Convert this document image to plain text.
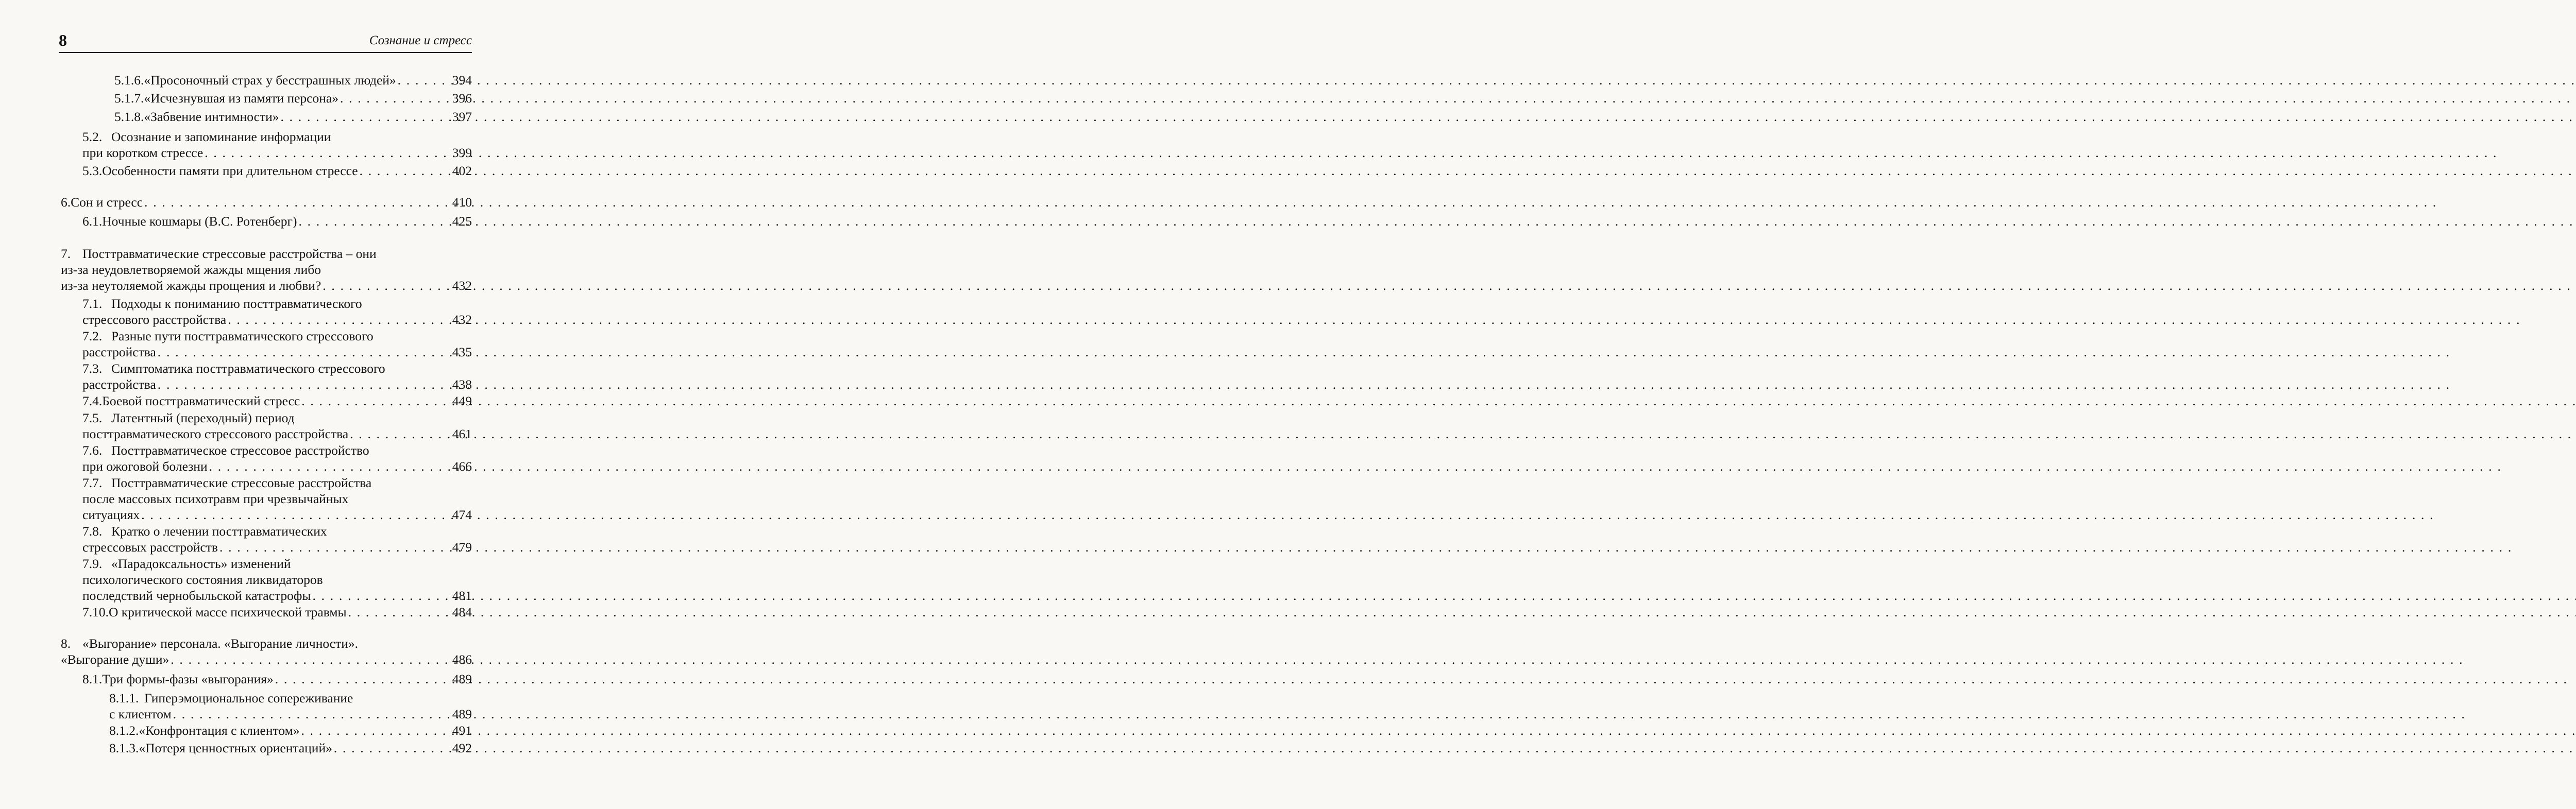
8	Сознание и стресс
5.1.6. «Просоночный страх у бесстрашных людей» . . .	394
5.1.7. «Исчезнувшая из памяти персона» . . .	396
5.1.8. «Забвение интимности» . . .	397
5.2. Осознание и запоминание информации
при коротком стрессе . . .	399
5.3. Особенности памяти при длительном стрессе . . .	402
6. Сон и стресс . . .	410
6.1. Ночные кошмары (В.С. Ротенберг) . . .	425
7. Посттравматические стрессовые расстройства – они
из-за неудовлетворяемой жажды мщения либо
из-за неутоляемой жажды прощения и любви? . . .	432
7.1. Подходы к пониманию посттравматического
стрессового расстройства . . .	432
7.2. Разные пути посттравматического стрессового
расстройства . . .	435
7.3. Симптоматика посттравматического стрессового
расстройства . . .	438
7.4. Боевой посттравматический стресс . . .	449
7.5. Латентный (переходный) период
посттравматического стрессового расстройства . . .	461
7.6. Посттравматическое стрессовое расстройство
при ожоговой болезни . . .	466
7.7. Посттравматические стрессовые расстройства
после массовых психотравм при чрезвычайных
ситуациях . . .	474
7.8. Кратко о лечении посттравматических
стрессовых расстройств . . .	479
7.9. «Парадоксальность» изменений
психологического состояния ликвидаторов
последствий чернобыльской катастрофы . . .	481
7.10. О критической массе психической травмы . . .	484
8. «Выгорание» персонала. «Выгорание личности».
«Выгорание души» . . .	486
8.1. Три формы-фазы «выгорания» . . .	489
8.1.1. Гиперэмоциональное сопереживание
с клиентом . . .	489
8.1.2. «Конфронтация с клиентом» . . .	491
8.1.3. «Потеря ценностных ориентаций» . . .	492
